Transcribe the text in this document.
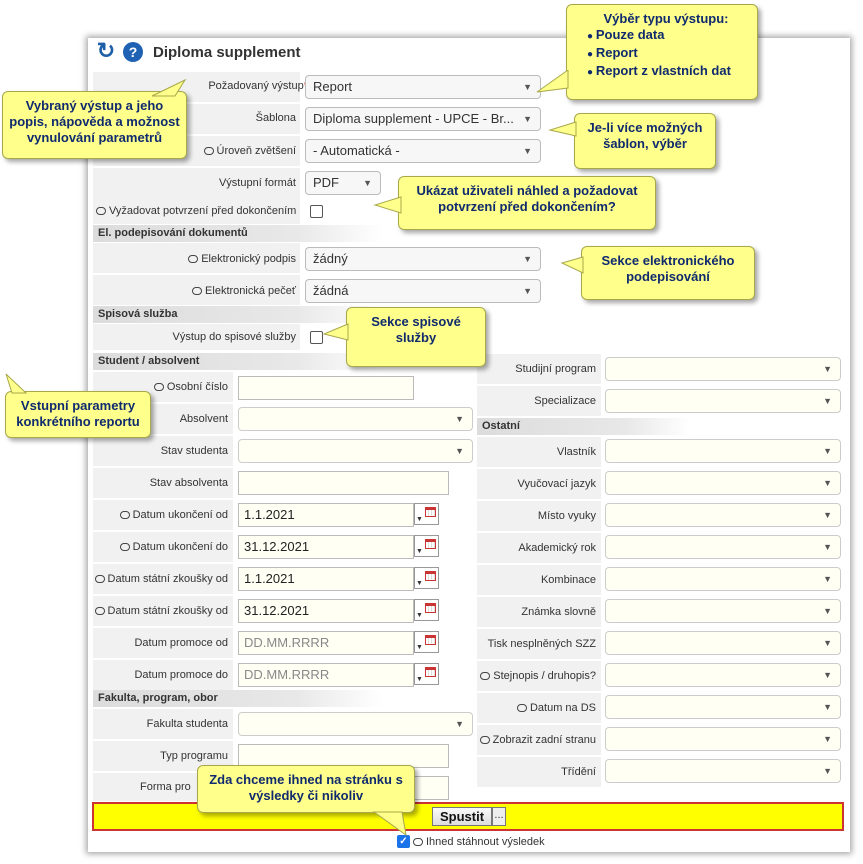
↻ ?	Diploma supplement
Požadovaný výstup Report	▼
Šablona	Diploma supplement - UPCE - Br... ▼
Úroveň zvětšení	- Automatická -	▼
Výstupní formát	PDF	▼
Vyžadovat potvrzení před dokončením
El. podepisování dokumentů
Elektronický podpis	žádný	▼
Elektronická pečeť	žádná	▼
Spisová služba
Výstup do spisové služby
Student / absolvent
Osobní číslo
Absolvent	▼
Stav studenta	▼
Stav absolventa
Datum ukončení od	1.1.2021	▼
Datum ukončení do	31.12.2021	▼
Datum státní zkoušky od	1.1.2021	▼
Datum státní zkoušky od	31.12.2021	▼
Datum promoce od	DD.MM.RRRR	▼
Datum promoce do	DD.MM.RRRR	▼
Fakulta, program, obor
Fakulta studenta	▼
Typ programu
Forma pro
Studijní program	▼
Specializace	▼
Ostatní
Vlastník	▼
Vyučovací jazyk	▼
Místo vyuky	▼
Akademický rok	▼
Kombinace	▼
Známka slovně	▼
Tisk nesplněných SZZ	▼
Stejnopis / druhopis?	▼
Datum na DS	▼
Zobrazit zadní stranu	▼
Třídění	▼
Spustit ...
✓	Ihned stáhnout výsledek
Výběr typu výstupu:
● Pouze data
● Report
● Report z vlastních dat
Vybraný výstup a jeho popis, nápověda a možnost vynulování parametrů
Je-li více možných šablon, výběr
Ukázat uživateli náhled a požadovat potvrzení před dokončením?
Sekce elektronického podepisování
Sekce spisové služby
Vstupní parametry konkrétního reportu
Zda chceme ihned na stránku s výsledky či nikoliv
